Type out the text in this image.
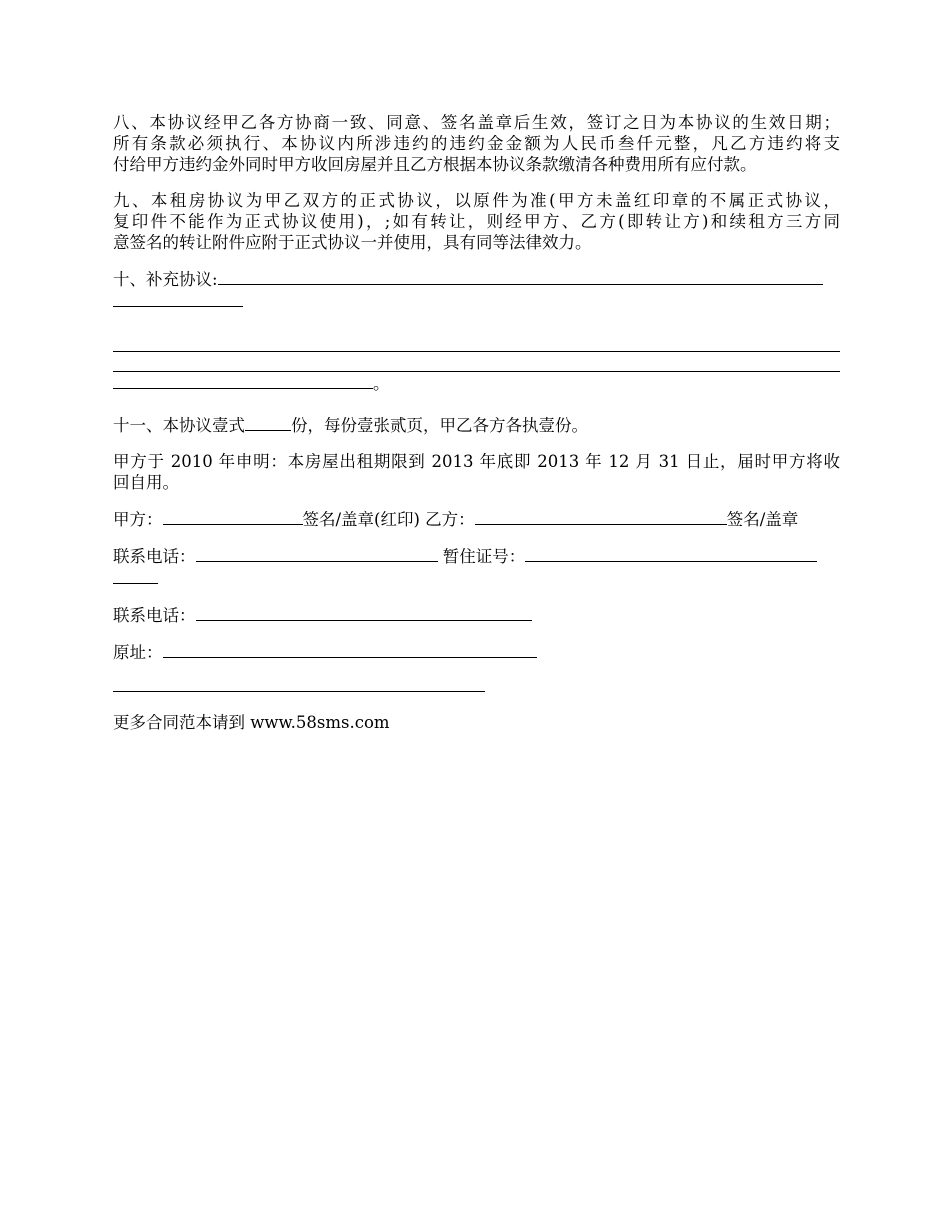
八、本协议经甲乙各方协商一致、同意、签名盖章后生效，签订之日为本协议的生效日期；
所有条款必须执行、本协议内所涉违约的违约金金额为人民币叁仟元整，凡乙方违约将支
付给甲方违约金外同时甲方收回房屋并且乙方根据本协议条款缴清各种费用所有应付款。
九、本租房协议为甲乙双方的正式协议，以原件为准(甲方未盖红印章的不属正式协议，
复印件不能作为正式协议使用)，;如有转让，则经甲方、乙方(即转让方)和续租方三方同
意签名的转让附件应附于正式协议一并使用，具有同等法律效力。
十、补充协议:
。
十一、本协议壹式	份，每份壹张贰页，甲乙各方各执壹份。
甲方于 2010 年申明：本房屋出租期限到 2013 年底即 2013 年 12 月 31 日止，届时甲方将收
回自用。
甲方：	签名/盖章(红印) 乙方：	签名/盖章
联系电话：	暂住证号：
联系电话：
原址：
更多合同范本请到 www.58sms.com
